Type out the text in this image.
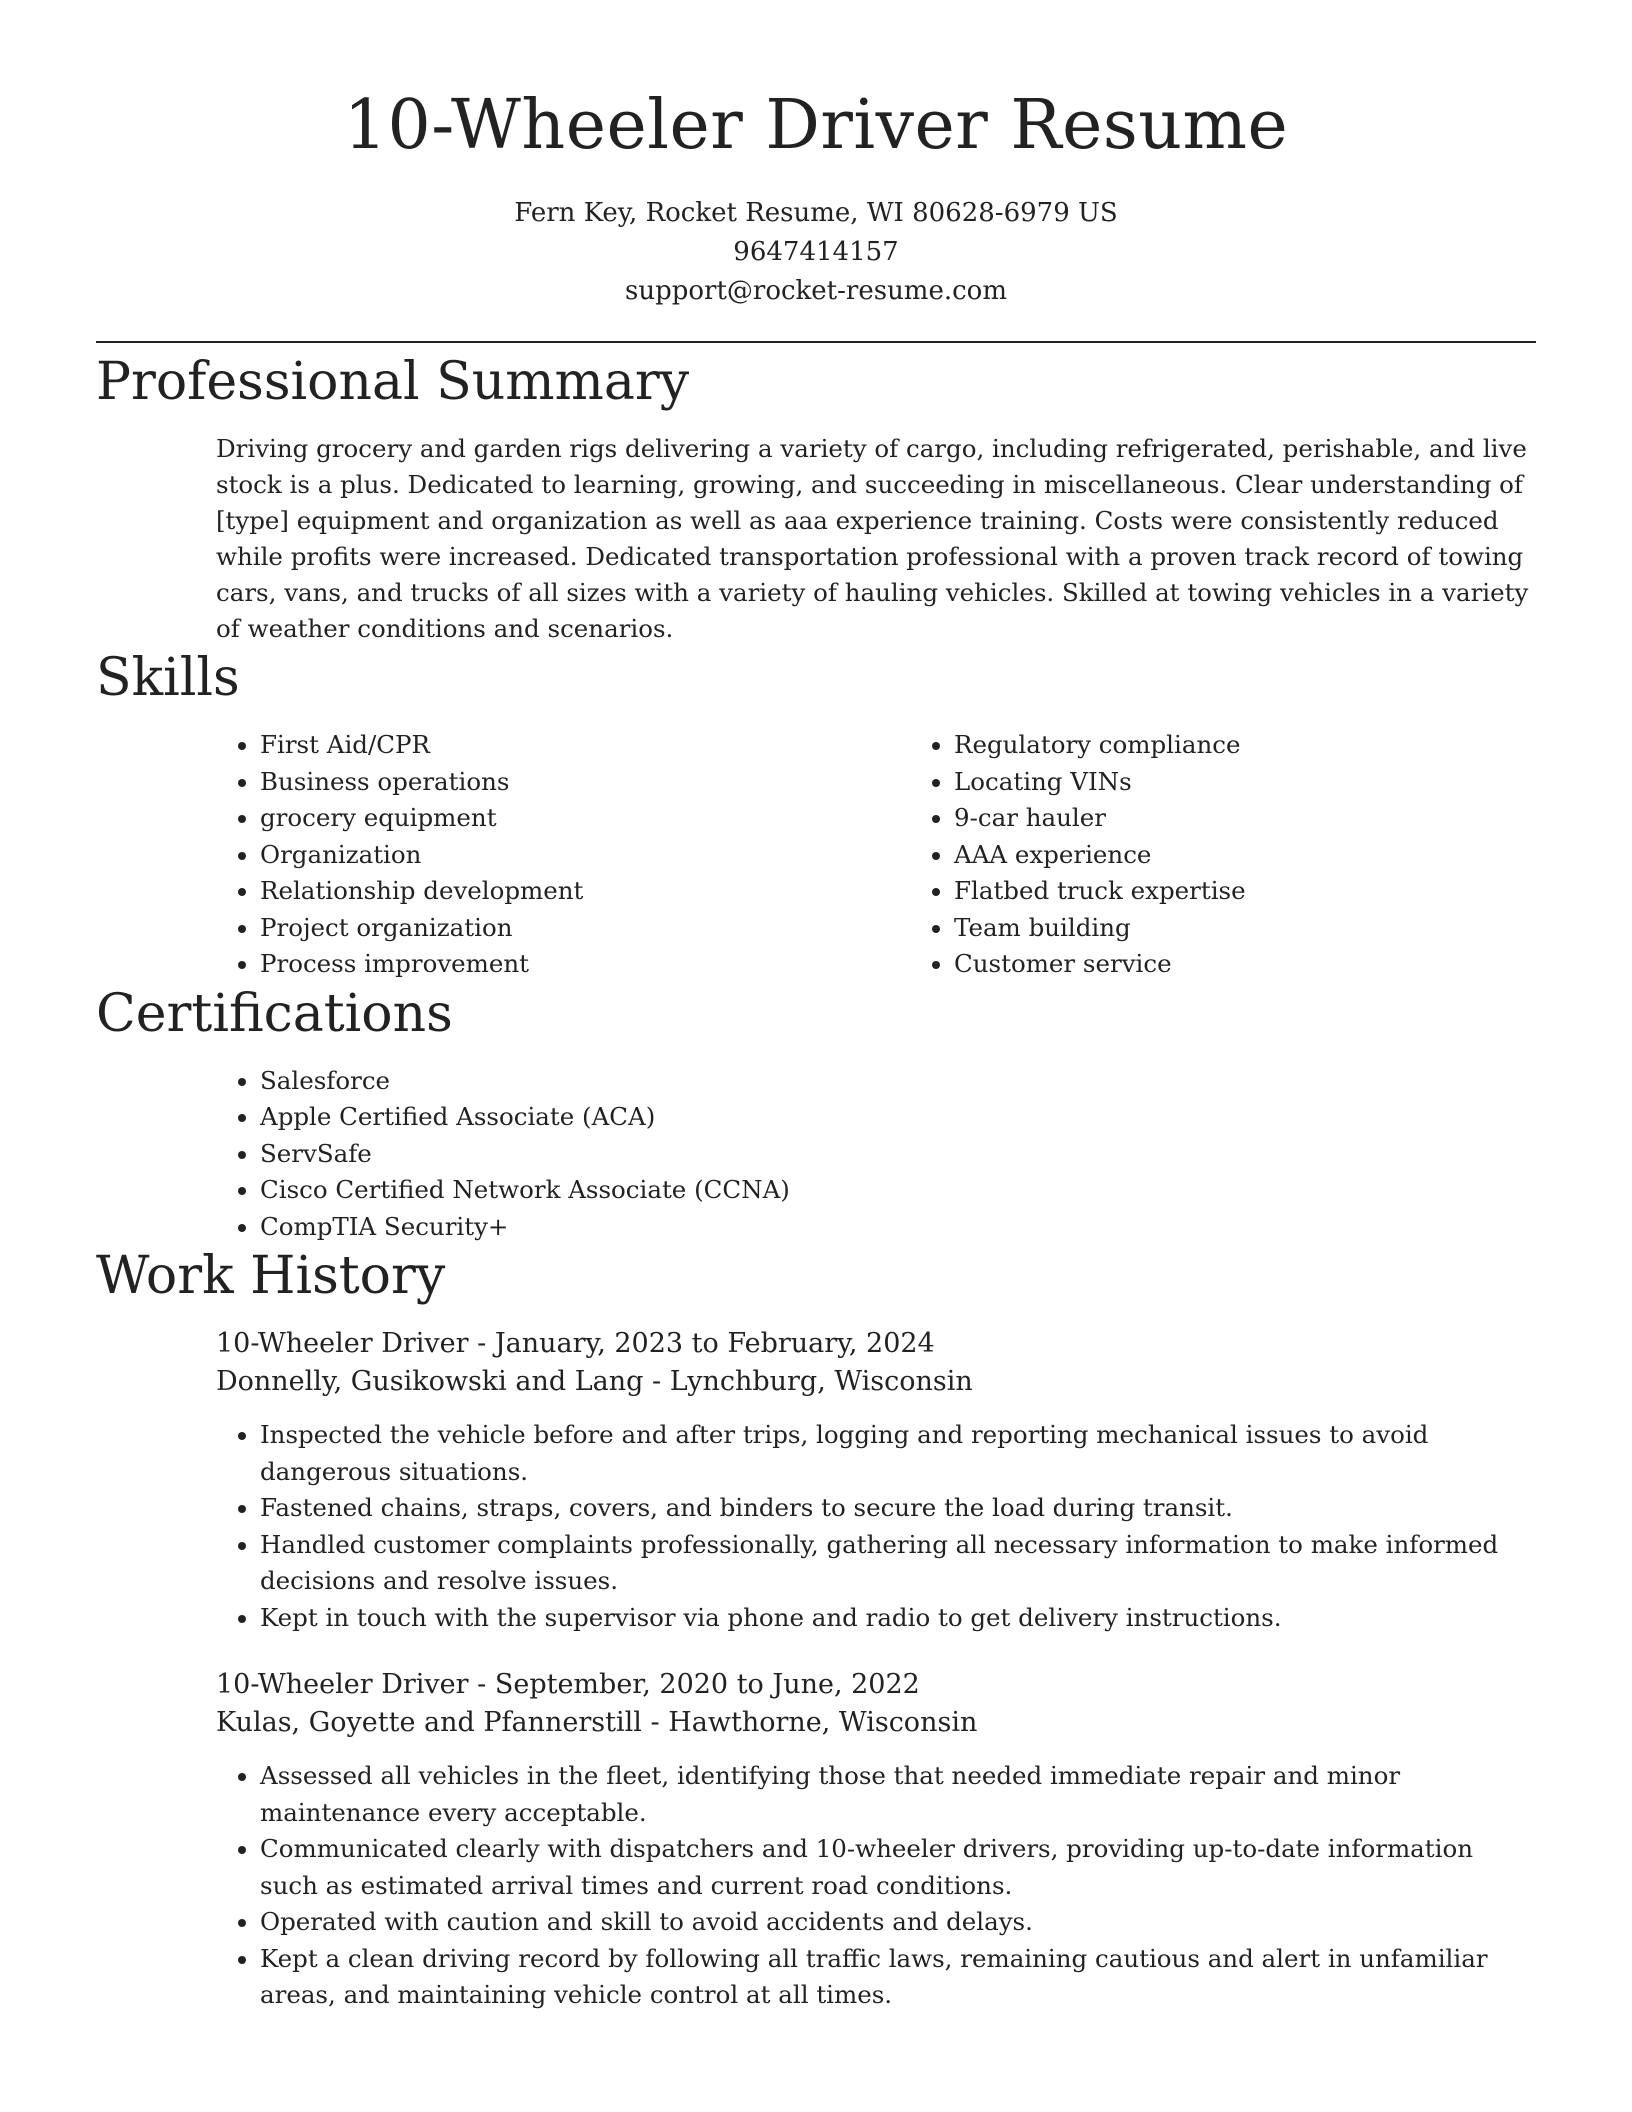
10-Wheeler Driver Resume
Fern Key, Rocket Resume, WI 80628-6979 US
9647414157
support@rocket-resume.com
Professional Summary

Driving grocery and garden rigs delivering a variety of cargo, including refrigerated, perishable, and live stock is a plus. Dedicated to learning, growing, and succeeding in miscellaneous. Clear understanding of [type] equipment and organization as well as aaa experience training. Costs were consistently reduced while profits were increased. Dedicated transportation professional with a proven track record of towing cars, vans, and trucks of all sizes with a variety of hauling vehicles. Skilled at towing vehicles in a variety of weather conditions and scenarios.

Skills
• First Aid/CPR
• Business operations
• grocery equipment
• Organization
• Relationship development
• Project organization
• Process improvement
• Regulatory compliance
• Locating VINs
• 9-car hauler
• AAA experience
• Flatbed truck expertise
• Team building
• Customer service
Certifications
• Salesforce
• Apple Certified Associate (ACA)
• ServSafe
• Cisco Certified Network Associate (CCNA)
• CompTIA Security+
Work History
10-Wheeler Driver - January, 2023 to February, 2024
Donnelly, Gusikowski and Lang - Lynchburg, Wisconsin
• Inspected the vehicle before and after trips, logging and reporting mechanical issues to avoid dangerous situations.
• Fastened chains, straps, covers, and binders to secure the load during transit.
• Handled customer complaints professionally, gathering all necessary information to make informed decisions and resolve issues.
• Kept in touch with the supervisor via phone and radio to get delivery instructions.
10-Wheeler Driver - September, 2020 to June, 2022
Kulas, Goyette and Pfannerstill - Hawthorne, Wisconsin
• Assessed all vehicles in the fleet, identifying those that needed immediate repair and minor maintenance every acceptable.
• Communicated clearly with dispatchers and 10-wheeler drivers, providing up-to-date information such as estimated arrival times and current road conditions.
• Operated with caution and skill to avoid accidents and delays.
• Kept a clean driving record by following all traffic laws, remaining cautious and alert in unfamiliar areas, and maintaining vehicle control at all times.
